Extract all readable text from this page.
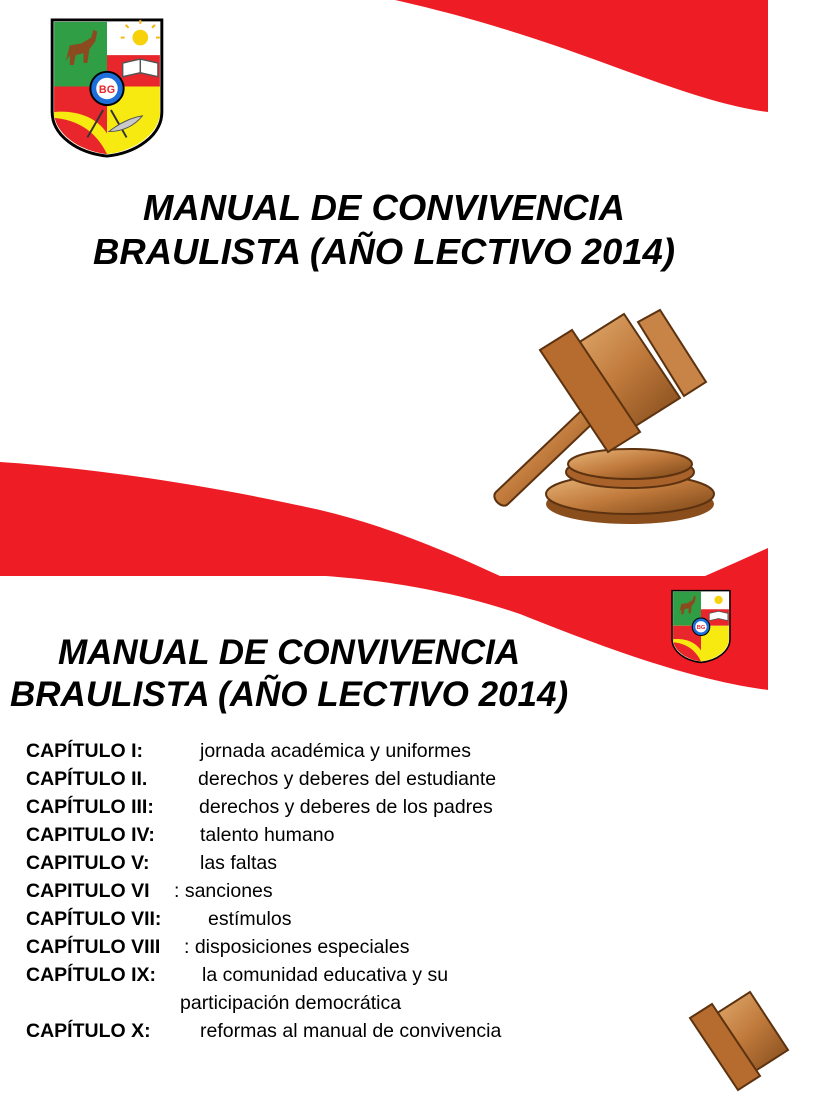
BG
MANUAL DE CONVIVENCIA
BRAULISTA (AÑO LECTIVO 2014)
BG
MANUAL DE CONVIVENCIA
BRAULISTA (AÑO LECTIVO 2014)
CAPÍTULO I:	jornada académica y uniformes
CAPÍTULO II.	derechos y deberes del estudiante
CAPÍTULO III: derechos y deberes de los padres
CAPITULO IV: talento humano
CAPITULO V:	las faltas
CAPITULO VI : sanciones
CAPÍTULO VII: estímulos
CAPÍTULO VIII : disposiciones especiales
CAPÍTULO IX: la comunidad educativa y su
participación democrática
CAPÍTULO X:	reformas al manual de convivencia
